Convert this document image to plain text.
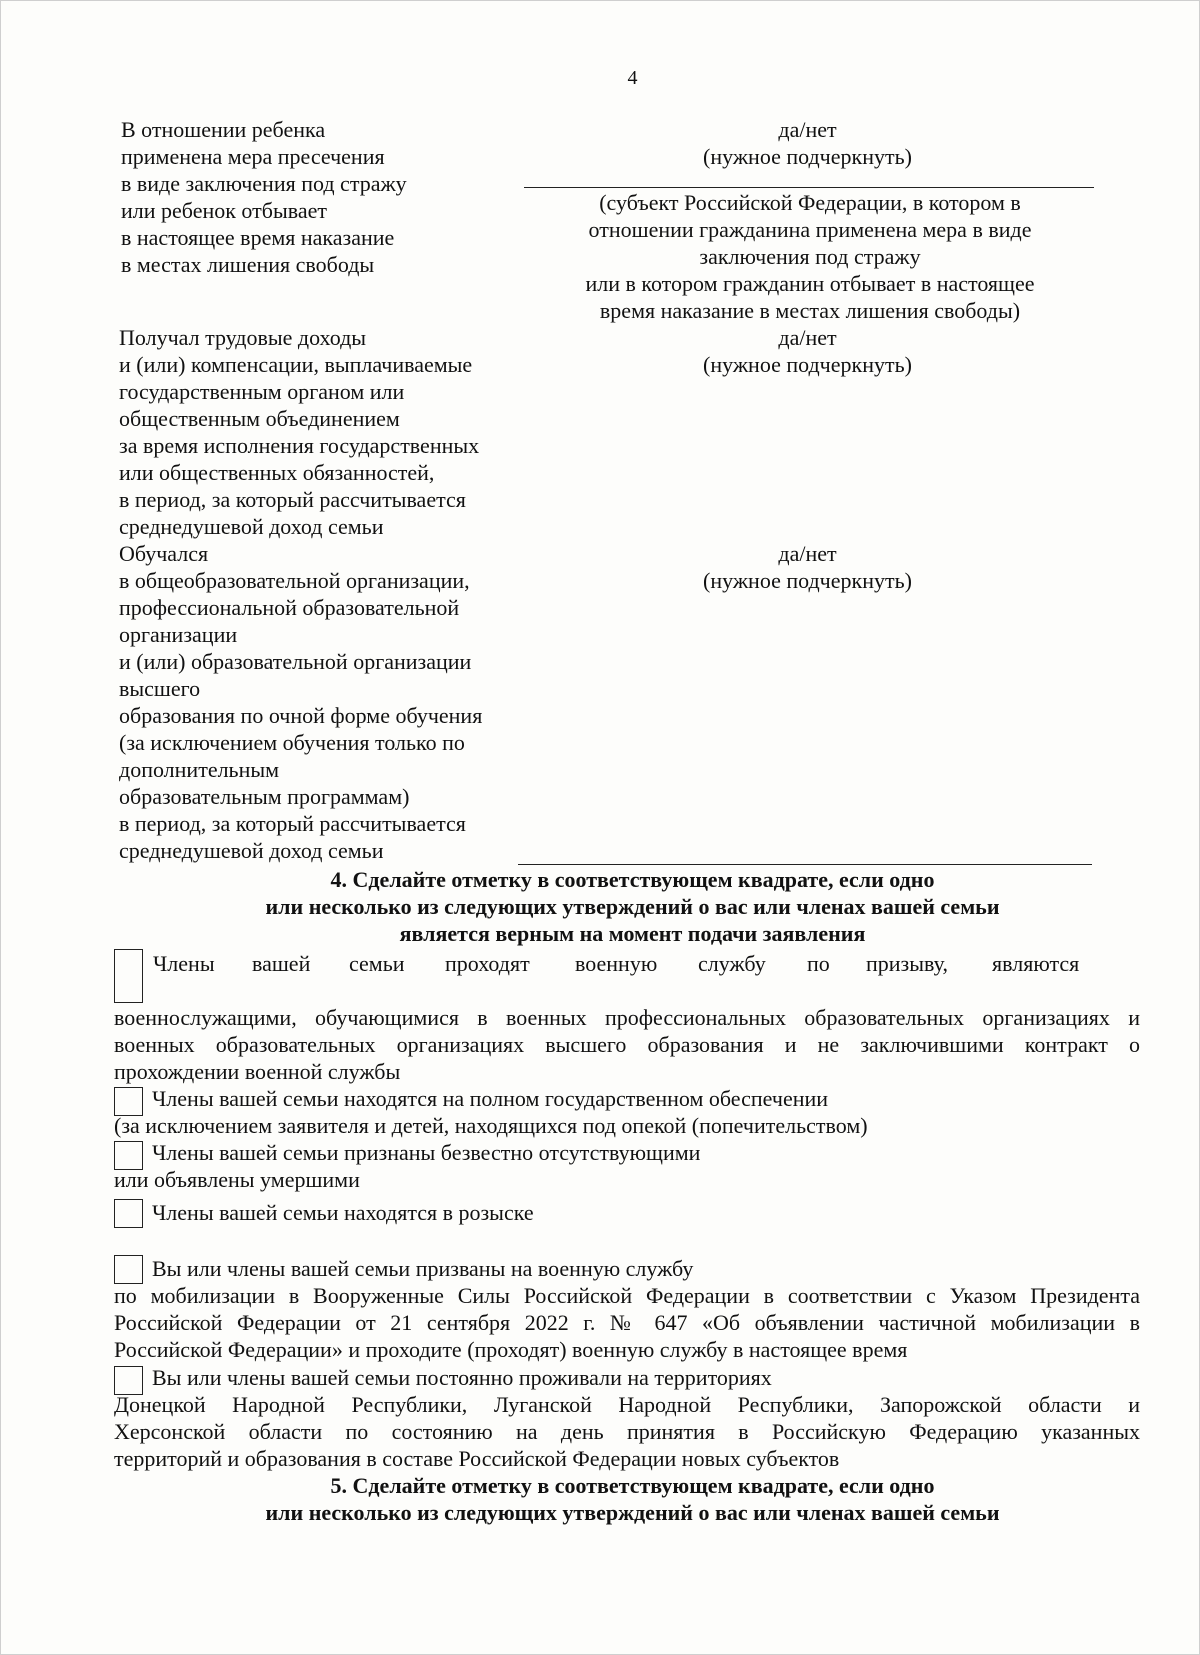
4
В отношении ребенка
применена мера пресечения
в виде заключения под стражу
или ребенок отбывает
в настоящее время наказание
в местах лишения свободы
да/нет
(нужное подчеркнуть)
(субъект Российской Федерации, в котором в
отношении гражданина применена мера в виде
заключения под стражу
или в котором гражданин отбывает в настоящее
время наказание в местах лишения свободы)
Получал трудовые доходы
и (или) компенсации, выплачиваемые
государственным органом или
общественным объединением
за время исполнения государственных
или общественных обязанностей,
в период, за который рассчитывается
среднедушевой доход семьи
да/нет
(нужное подчеркнуть)
Обучался
в общеобразовательной организации,
профессиональной образовательной
организации
и (или) образовательной организации
высшего
образования по очной форме обучения
(за исключением обучения только по
дополнительным
образовательным программам)
в период, за который рассчитывается
среднедушевой доход семьи
да/нет
(нужное подчеркнуть)
4. Сделайте отметку в соответствующем квадрате, если одно
или несколько из следующих утверждений о вас или членах вашей семьи
является верным на момент подачи заявления
Члены вашей семьи проходят военную службу по призыву, являются
военнослужащими, обучающимися в военных профессиональных образовательных организациях и
военных образовательных организациях высшего образования и не заключившими контракт о
прохождении военной службы
Члены вашей семьи находятся на полном государственном обеспечении
(за исключением заявителя и детей, находящихся под опекой (попечительством)
Члены вашей семьи признаны безвестно отсутствующими
или объявлены умершими
Члены вашей семьи находятся в розыске
Вы или члены вашей семьи призваны на военную службу
по мобилизации в Вооруженные Силы Российской Федерации в соответствии с Указом Президента
Российской Федерации от 21 сентября 2022 г. № 647 «Об объявлении частичной мобилизации в
Российской Федерации» и проходите (проходят) военную службу в настоящее время
Вы или члены вашей семьи постоянно проживали на территориях
Донецкой Народной Республики, Луганской Народной Республики, Запорожской области и
Херсонской области по состоянию на день принятия в Российскую Федерацию указанных
территорий и образования в составе Российской Федерации новых субъектов
5. Сделайте отметку в соответствующем квадрате, если одно
или несколько из следующих утверждений о вас или членах вашей семьи
